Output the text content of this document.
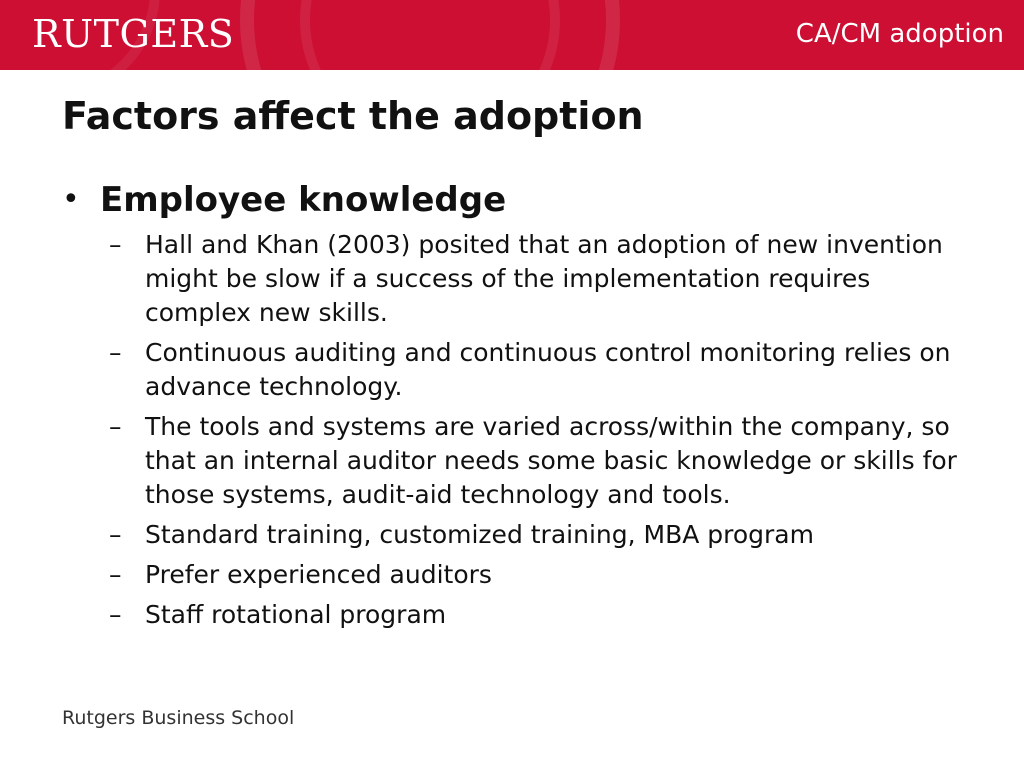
RUTGERS	CA/CM adoption
Factors affect the adoption
• Employee knowledge
– Hall and Khan (2003) posited that an adoption of new invention might be slow if a success of the implementation requires complex new skills.
– Continuous auditing and continuous control monitoring relies on advance technology.
– The tools and systems are varied across/within the company, so that an internal auditor needs some basic knowledge or skills for those systems, audit-aid technology and tools.
– Standard training, customized training, MBA program
– Prefer experienced auditors
– Staff rotational program
Rutgers Business School
